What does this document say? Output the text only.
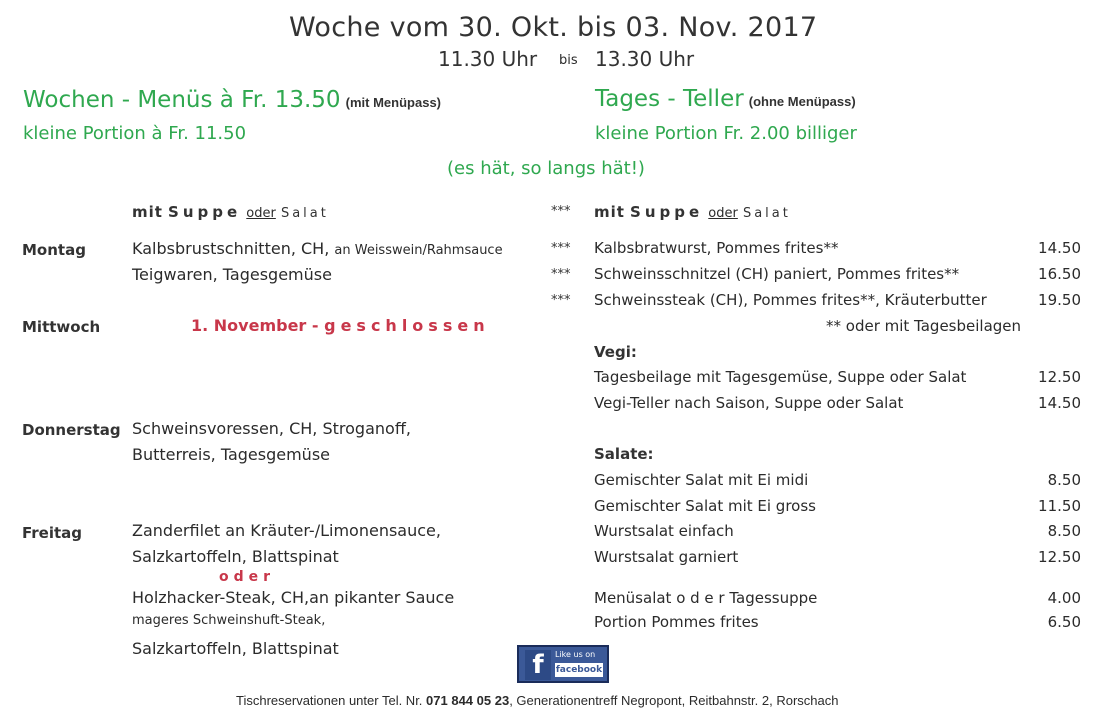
Woche vom 30. Okt. bis 03. Nov. 2017
11.30 Uhr bis 13.30 Uhr
Wochen - Menüs à Fr. 13.50 (mit Menüpass)
kleine Portion à Fr. 11.50
Tages - Teller (ohne Menüpass)
kleine Portion Fr. 2.00 billiger
(es hät, so langs hät!)
mit Suppe oder Salat	*** mit Suppe oder Salat
Montag	Kalbsbrustschnitten, CH, an Weisswein/Rahmsauce
Teigwaren, Tagesgemüse
Mittwoch	1. November - geschlossen
Donnerstag Schweinsvoressen, CH, Stroganoff,
Butterreis, Tagesgemüse
Freitag	Zanderfilet an Kräuter-/Limonensauce,
Salzkartoffeln, Blattspinat
oder
Holzhacker-Steak, CH,an pikanter Sauce
mageres Schweinshuft-Steak,
Salzkartoffeln, Blattspinat
*** Kalbsbratwurst, Pommes frites**	14.50
*** Schweinsschnitzel (CH) paniert, Pommes frites**	16.50
*** Schweinssteak (CH), Pommes frites**, Kräuterbutter	19.50
** oder mit Tagesbeilagen
Vegi:
Tagesbeilage mit Tagesgemüse, Suppe oder Salat	12.50
Vegi-Teller nach Saison, Suppe oder Salat	14.50
Salate:
Gemischter Salat mit Ei midi	8.50
Gemischter Salat mit Ei gross	11.50
Wurstsalat einfach	8.50
Wurstsalat garniert	12.50
Menüsalat o d e r Tagessuppe	4.00
Portion Pommes frites	6.50
f	Like us on
facebook
Tischreservationen unter Tel. Nr. 071 844 05 23, Generationentreff Negropont, Reitbahnstr. 2, Rorschach
